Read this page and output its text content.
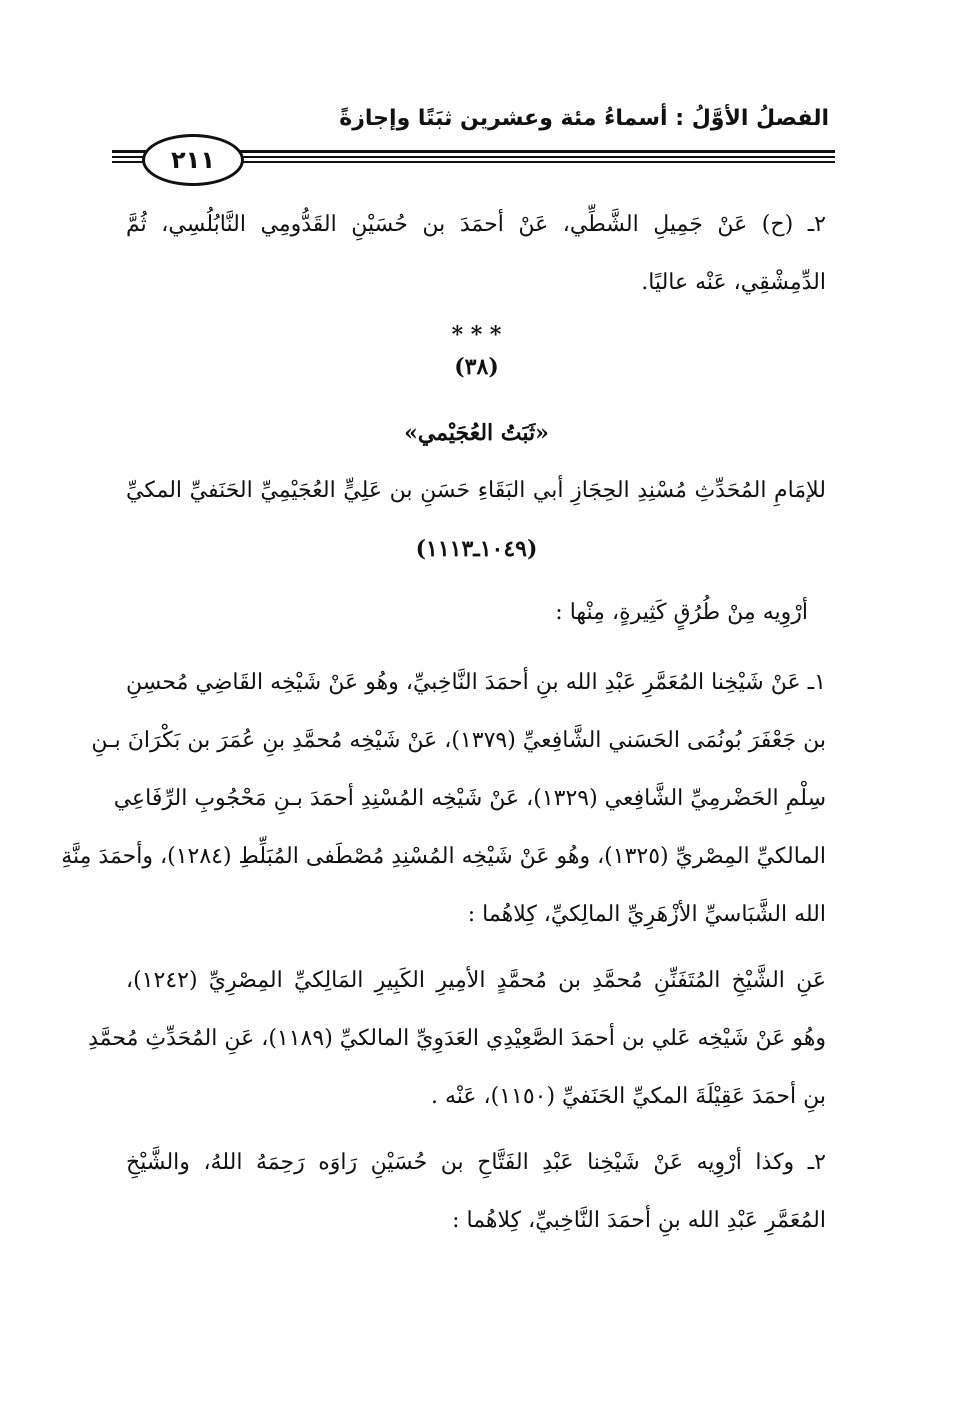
الفصلُ الأوَّلُ : أسماءُ مئة وعشرين ثبَتًا وإجازةً
٢١١
٢ـ (ح) عَنْ جَمِيلِ الشَّطِّي، عَنْ أحمَدَ بن حُسَيْنِ القَدُّومِي النَّابُلُسِي، ثُمَّ
الدِّمِشْقِي، عَنْه عاليًا.
* * *
(٣٨)
«ثَبَتُ العُجَيْمي»
للإمَامِ المُحَدِّثِ مُسْنِدِ الحِجَازِ أبي البَقَاءِ حَسَنِ بن عَلِيٍّ العُجَيْمِيِّ الحَنَفيِّ المكيِّ
(١٠٤٩ـ١١١٣)
أرْوِيه مِنْ طُرُقٍ كَثِيرةٍ، مِنْها :
١ـ عَنْ شَيْخِنا المُعَمَّرِ عَبْدِ الله بنِ أحمَدَ النَّاخِبيِّ، وهُو عَنْ شَيْخِه القَاضِي مُحسِنِ
بن جَعْفَرَ بُونُمَى الحَسَني الشَّافِعيِّ (١٣٧٩)، عَنْ شَيْخِه مُحمَّدِ بنِ عُمَرَ بن بَكْرَانَ بـنِ
سِلْمِ الحَضْرمِيِّ الشَّافِعي (١٣٢٩)، عَنْ شَيْخِه المُسْنِدِ أحمَدَ بـنِ مَحْجُوبِ الرِّفَاعِي
المالكيِّ المِصْريِّ (١٣٢٥)، وهُو عَنْ شَيْخِه المُسْنِدِ مُصْطَفى المُبَلِّطِ (١٢٨٤)، وأحمَدَ مِنَّةِ
الله الشَّبَاسيِّ الأزْهَرِيِّ المالِكيِّ، كِلاهُما :
عَنِ الشَّيْخِ المُتَفَنِّنِ مُحمَّدِ بن مُحمَّدٍ الأمِيرِ الكَبِيرِ المَالِكيِّ المِصْرِيِّ (١٢٤٢)،
وهُو عَنْ شَيْخِه عَلي بن أحمَدَ الصَّعِيْدِي العَدَوِيِّ المالكيِّ (١١٨٩)، عَنِ المُحَدِّثِ مُحمَّدِ
بنِ أحمَدَ عَقِيْلَةَ المكيِّ الحَنَفيِّ (١١٥٠)، عَنْه .
٢ـ وكذا أرْوِيه عَنْ شَيْخِنا عَبْدِ الفَتَّاحِ بن حُسَيْنِ رَاوَه رَحِمَهُ اللهُ، والشَّيْخِ
المُعَمَّرِ عَبْدِ الله بنِ أحمَدَ النَّاخِبيِّ، كِلاهُما :
